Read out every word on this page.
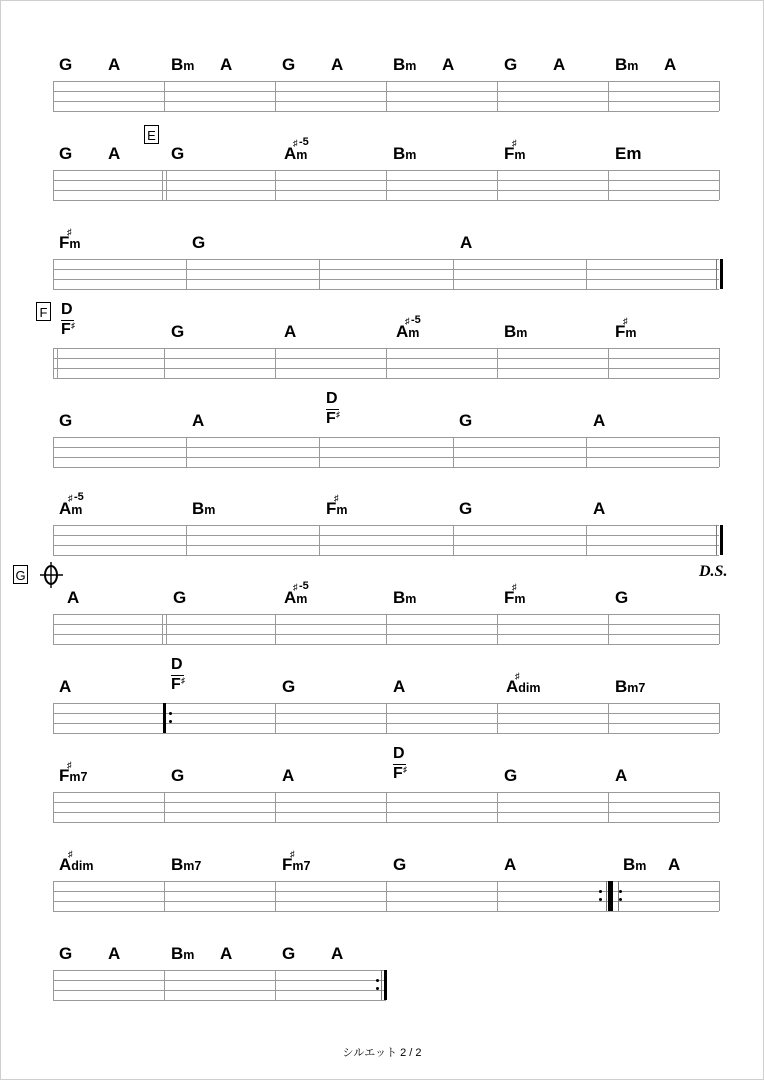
G A	Bm A	G A	Bm A	G A	Bm A
G A	G	A
♯
m
-5
Bm	F
♯
m	Em
F
♯
m	G	A
D
F ♯	G	A	A
♯
m
-5
Bm	F
♯
m
G	A
D
F ♯	G	A
A
♯
m
-5
Bm	F
♯
m	G	A
A	G	A
♯
m
-5
Bm	F
♯
m	G
A
D
F ♯	G	A	A
♯
dim	Bm7
F
♯
m7	G	A
D
F ♯	G	A
A
♯
dim	Bm7	F
♯
m7	G	A	Bm A
G A	Bm A	G A
E
F
G	D.S.
シルエット 2 / 2
